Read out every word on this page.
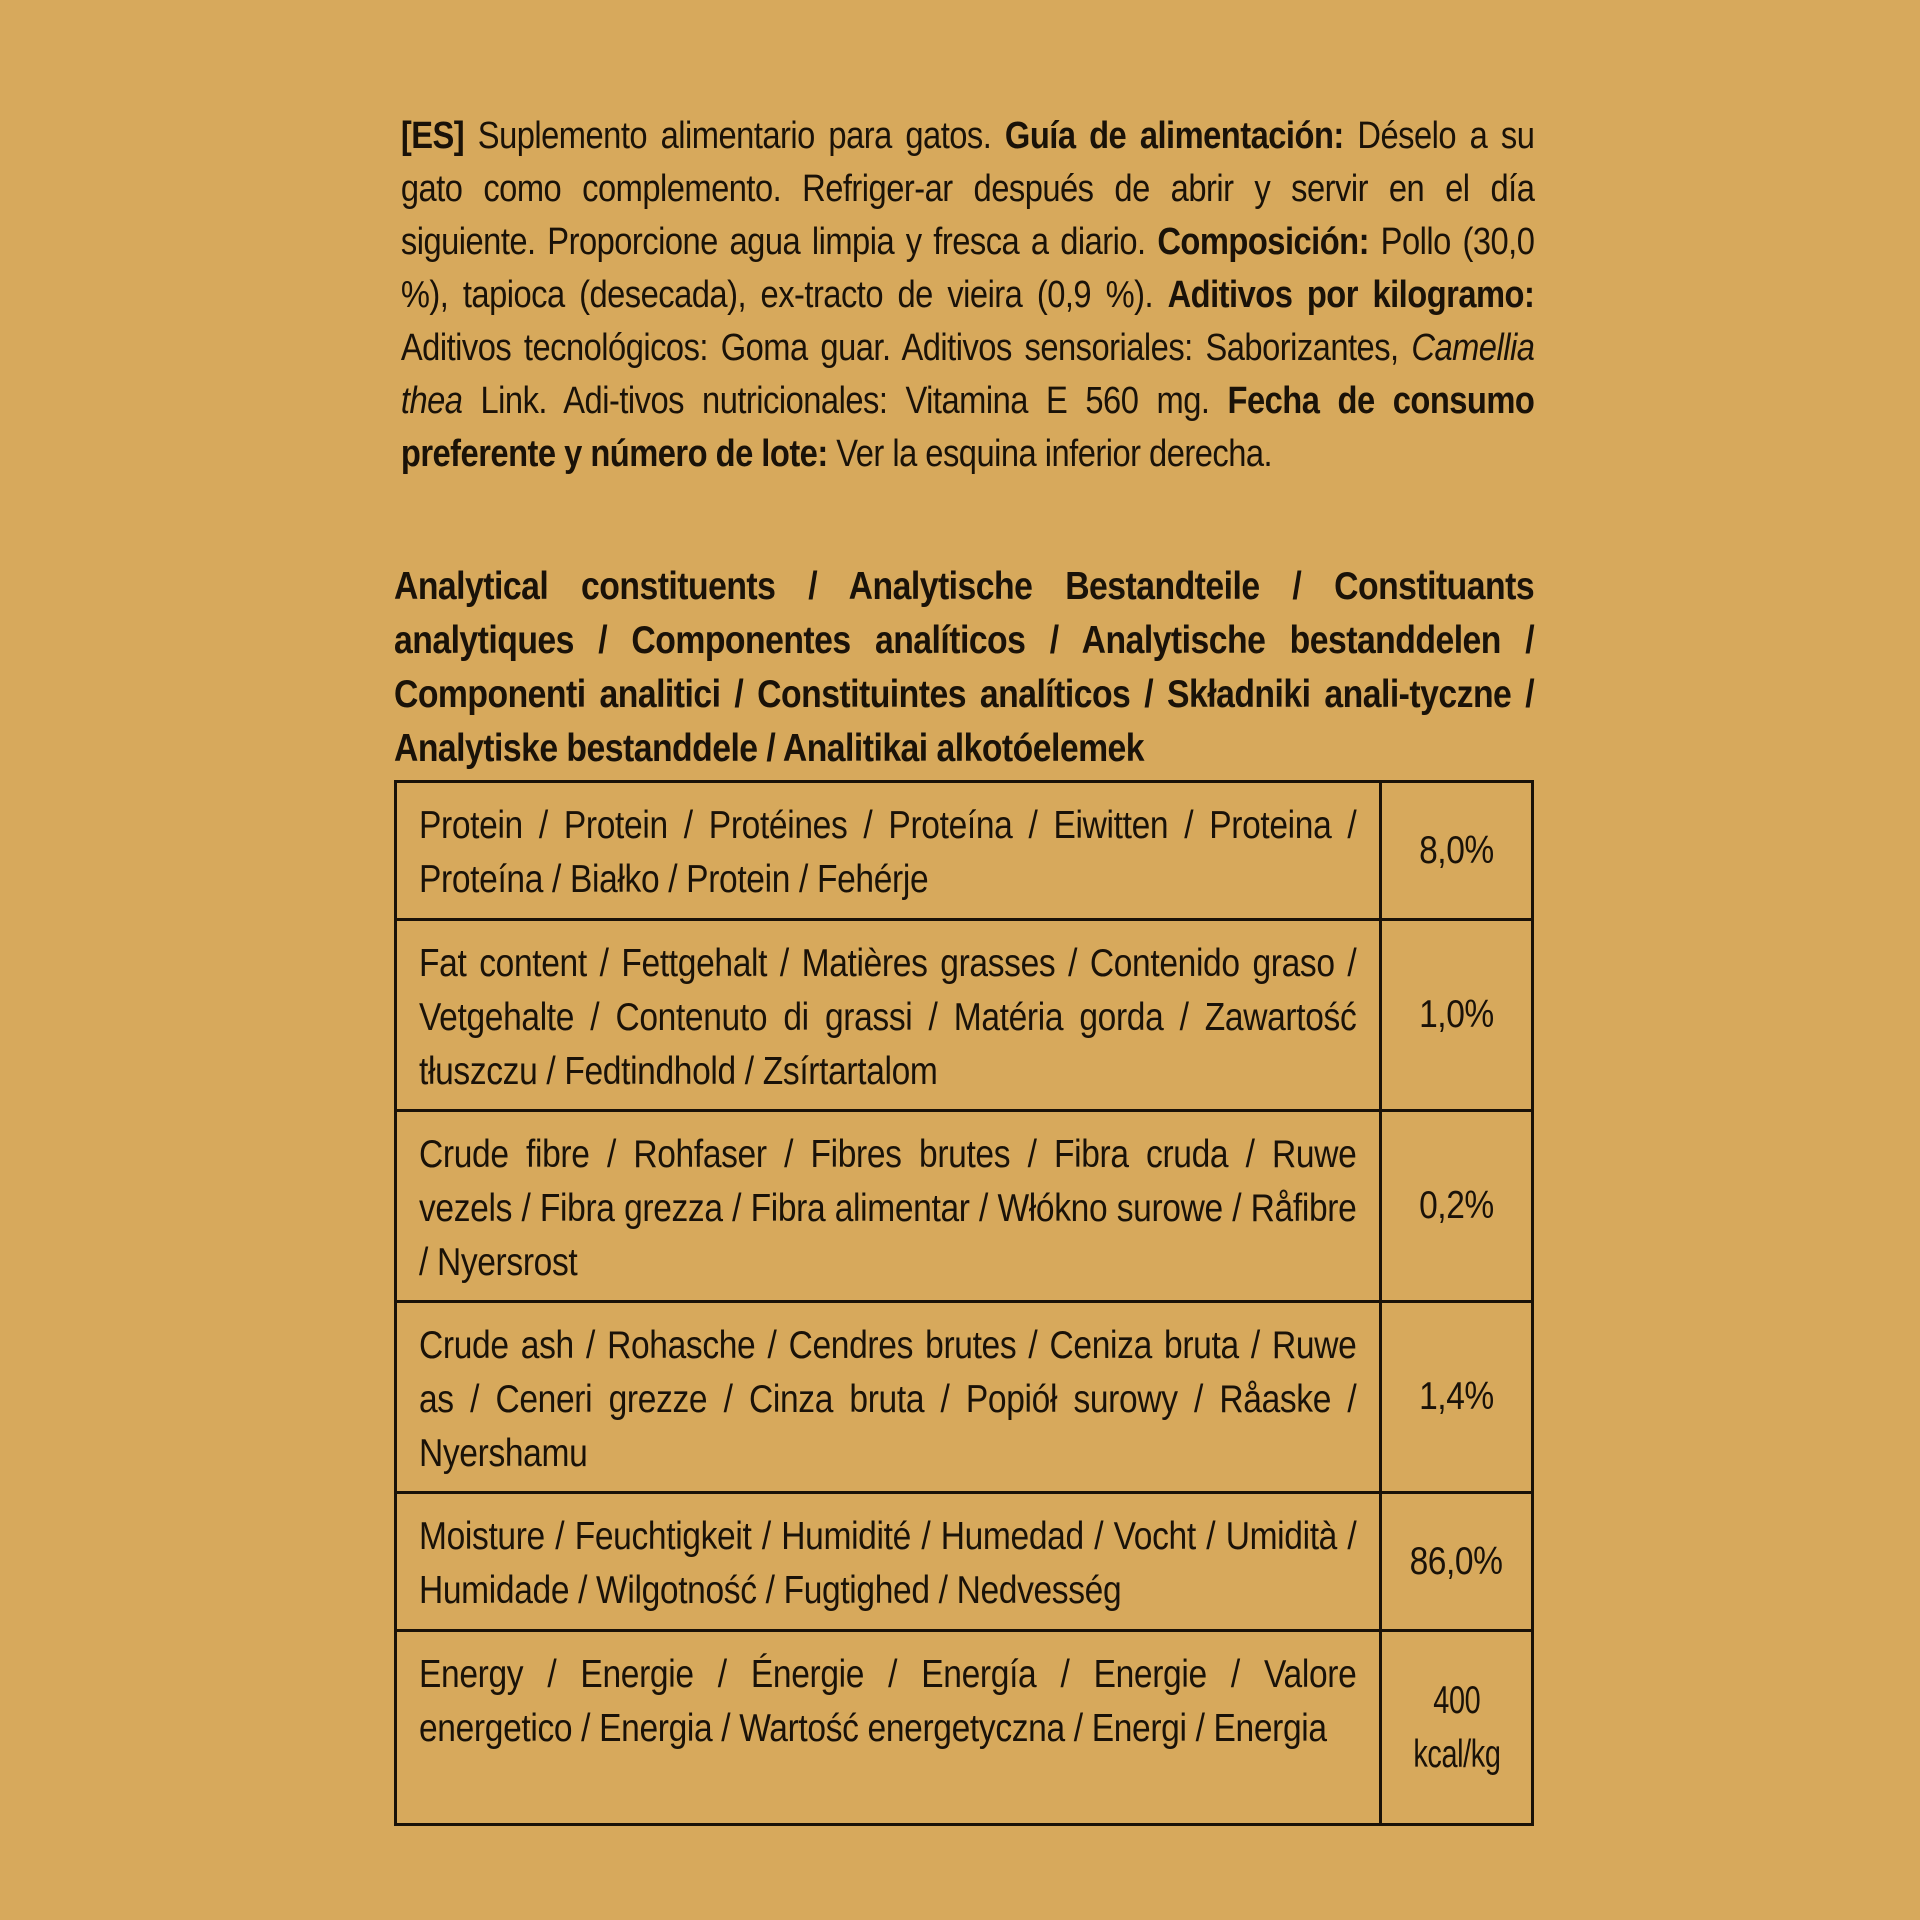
[ES] Suplemento alimentario para gatos. Guía de alimentación: Déselo a su gato como complemento. Refriger-ar después de abrir y servir en el día siguiente. Proporcione agua limpia y fresca a diario. Composición: Pollo (30,0 %), tapioca (desecada), ex-tracto de vieira (0,9 %). Aditivos por kilogramo: Aditivos tecnológicos: Goma guar. Aditivos sensoriales: Saborizantes, Camellia thea Link. Adi-tivos nutricionales: Vitamina E 560 mg. Fecha de consumo preferente y número de lote: Ver la esquina inferior derecha.
Analytical constituents / Analytische Bestandteile / Constituants analytiques / Componentes analíticos / Analytische bestanddelen / Componenti analitici / Constituintes analíticos / Składniki anali-tyczne / Analytiske bestanddele / Analitikai alkotóelemek
Protein / Protein / Protéines / Proteína / Eiwitten / Proteina / Proteína / Białko / Protein / Fehérje
8,0%
Fat content / Fettgehalt / Matières grasses / Contenido graso / Vetgehalte / Contenuto di grassi / Matéria gorda / Zawartość tłuszczu / Fedtindhold / Zsírtartalom
1,0%
Crude fibre / Rohfaser / Fibres brutes / Fibra cruda / Ruwe vezels / Fibra grezza / Fibra alimentar / Włókno surowe / Råfibre / Nyersrost
0,2%
Crude ash / Rohasche / Cendres brutes / Ceniza bruta / Ruwe as / Ceneri grezze / Cinza bruta / Popiół surowy / Råaske / Nyershamu
1,4%
Moisture / Feuchtigkeit / Humidité / Humedad / Vocht / Umidità / Humidade / Wilgotność / Fugtighed / Nedvesség
86,0%
Energy / Energie / Énergie / Energía / Energie / Valore energetico / Energia / Wartość energetyczna / Energi / Energia
400
kcal/kg
